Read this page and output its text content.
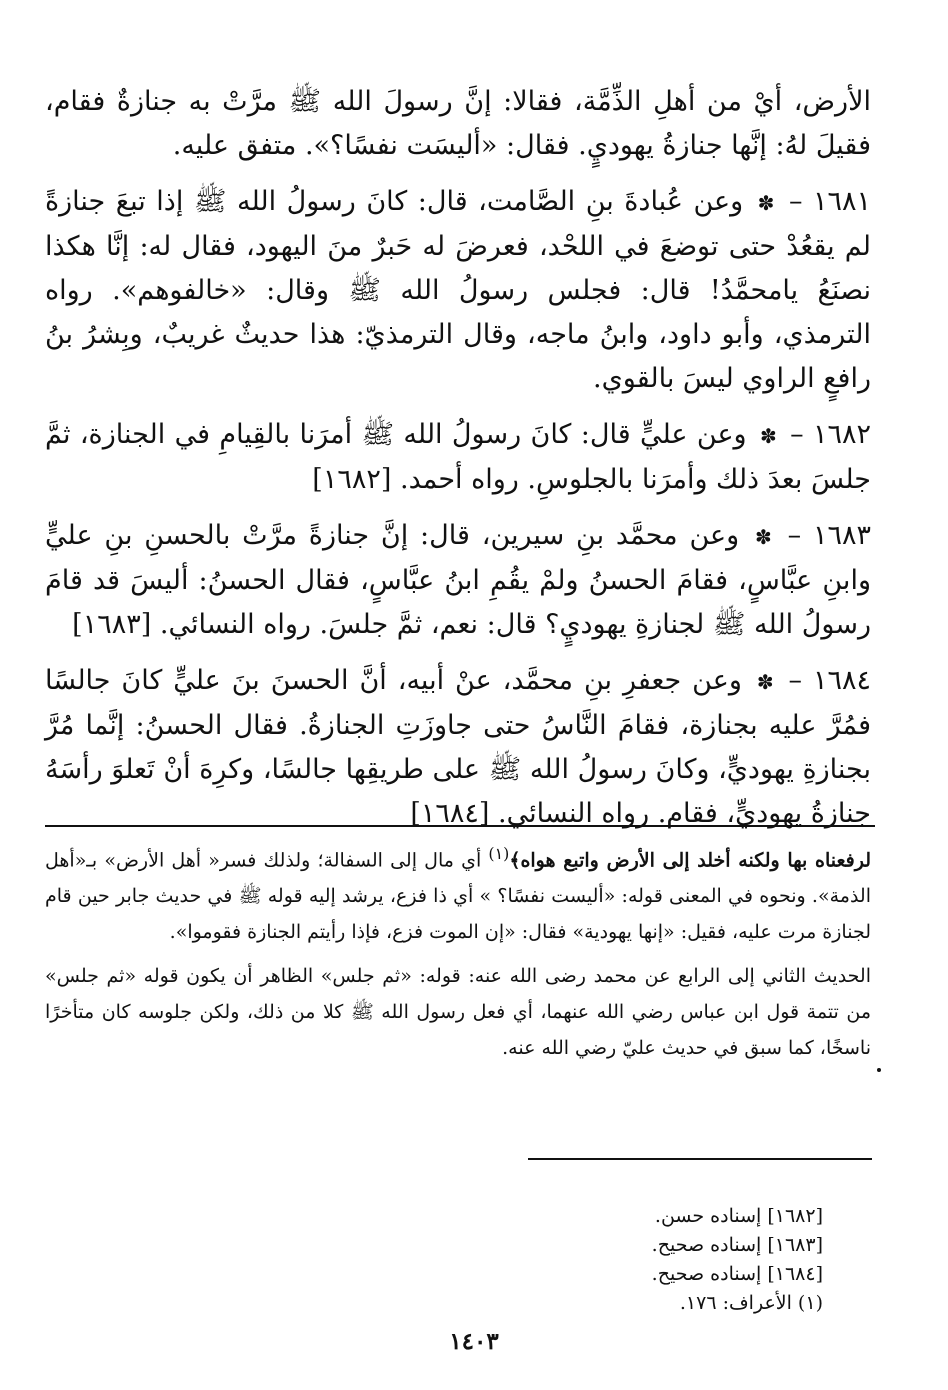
الأرض، أيْ من أهلِ الذِّمَّة، فقالا: إنَّ رسولَ الله ﷺ مرَّتْ به جنازةٌ فقام، فقيلَ لهُ: إنَّها جنازةُ يهوديٍ. فقال: «أليسَت نفسًا؟». متفق عليه.

١٦٨١ – ✽ وعن عُبادةَ بنِ الصَّامت، قال: كانَ رسولُ الله ﷺ إذا تبعَ جنازةً لم يقعُدْ حتى توضعَ في اللحْد، فعرضَ له حَبرٌ منَ اليهود، فقال له: إنَّا هكذا نصنَعُ يامحمَّدُ! قال: فجلس رسولُ الله ﷺ وقال: «خالفوهم». رواه الترمذي، وأبو داود، وابنُ ماجه، وقال الترمذيّ: هذا حديثٌ غريبٌ، وبِشرُ بنُ رافعٍ الراوي ليسَ بالقوي.

١٦٨٢ – ✽ وعن عليٍّ قال: كانَ رسولُ الله ﷺ أمرَنا بالقِيامِ في الجنازة، ثمَّ جلسَ بعدَ ذلك وأمرَنا بالجلوسِ. رواه أحمد. [١٦٨٢]

١٦٨٣ – ✽ وعن محمَّد بنِ سيرين، قال: إنَّ جنازةً مرَّتْ بالحسنِ بنِ عليٍّ وابنِ عبَّاسٍ، فقامَ الحسنُ ولمْ يقُمِ ابنُ عبَّاسٍ، فقال الحسنُ: أليسَ قد قامَ رسولُ الله ﷺ لجنازةِ يهوديٍ؟ قال: نعم، ثمَّ جلسَ. رواه النسائي. [١٦٨٣]

١٦٨٤ – ✽ وعن جعفرِ بنِ محمَّد، عنْ أبيه، أنَّ الحسنَ بنَ عليٍّ كانَ جالسًا فمُرَّ عليه بجنازة، فقامَ النَّاسُ حتى جاوزَتِ الجنازةُ. فقال الحسنُ: إنَّما مُرَّ بجنازةِ يهوديٍّ، وكانَ رسولُ الله ﷺ على طريقِها جالسًا، وكرِهَ أنْ تَعلوَ رأسَهُ جنازةُ يهوديٍّ، فقام. رواه النسائي. [١٦٨٤]

لرفعناه بها ولكنه أخلد إلى الأرض واتبع هواه﴾$^{(١)}$ أي مال إلى السفالة؛ ولذلك فسر« أهل الأرض» بـ«أهل الذمة». ونحوه في المعنى قوله: «أليست نفسًا؟ » أي ذا فزع، يرشد إليه قوله ﷺ في حديث جابر حين قام لجنازة مرت عليه، فقيل: «إنها يهودية» فقال: «إن الموت فزع، فإذا رأيتم الجنازة فقوموا».

الحديث الثاني إلى الرابع عن محمد رضى الله عنه: قوله: «ثم جلس» الظاهر أن يكون قوله «ثم جلس» من تتمة قول ابن عباس رضي الله عنهما، أي فعل رسول الله ﷺ كلا من ذلك، ولكن جلوسه كان متأخرًا ناسخًا، كما سبق في حديث عليّ رضي الله عنه.

[١٦٨٢] إسناده حسن.
[١٦٨٣] إسناده صحيح.
[١٦٨٤] إسناده صحيح.
(١) الأعراف: ١٧٦.
١٤٠٣
